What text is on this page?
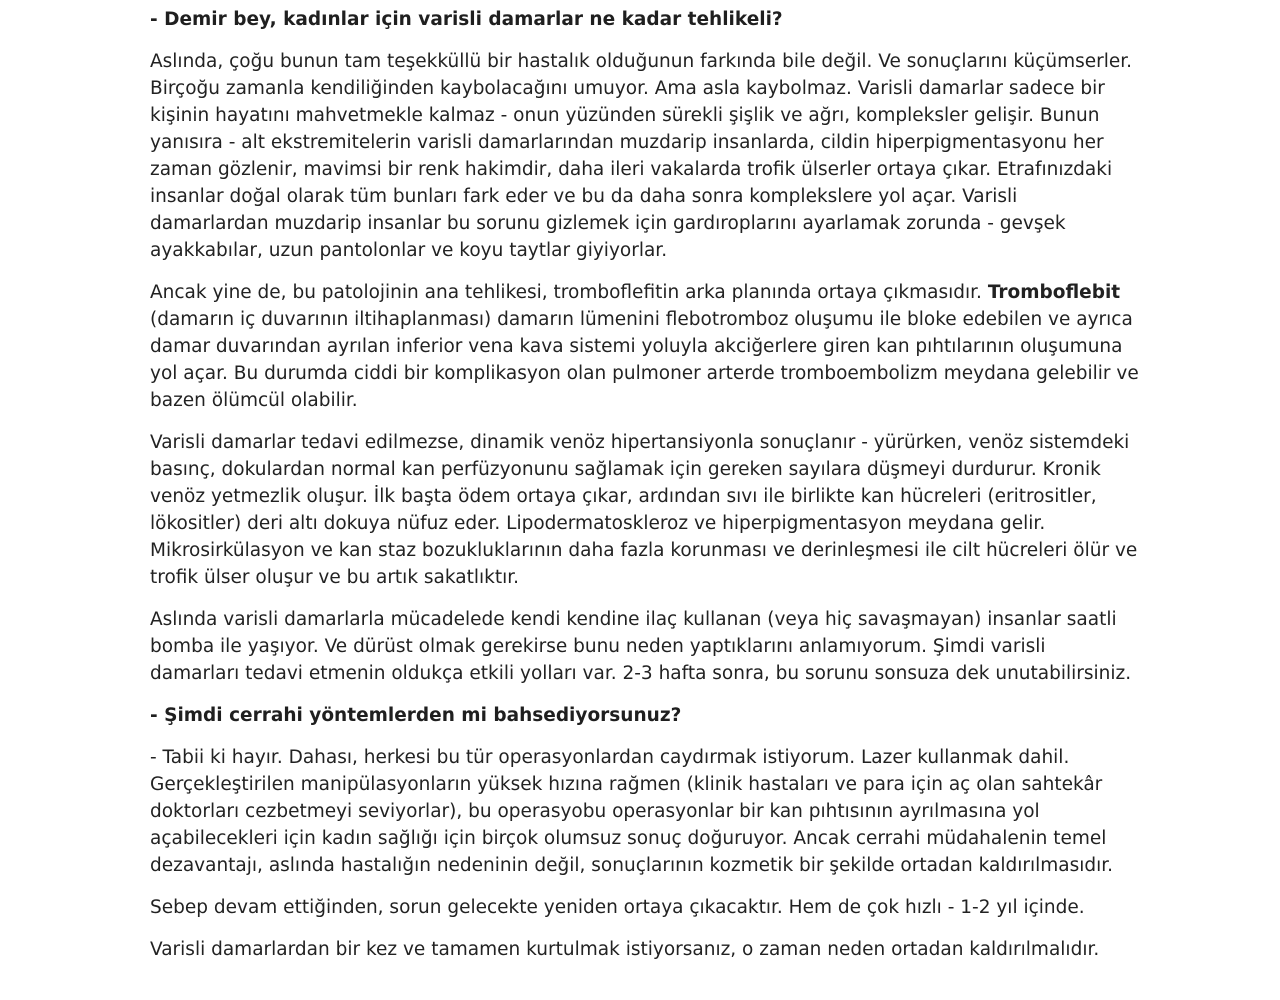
- Demir bey, kadınlar için varisli damarlar ne kadar tehlikeli?

Aslında, çoğu bunun tam teşekküllü bir hastalık olduğunun farkında bile değil. Ve sonuçlarını küçümserler. Birçoğu zamanla kendiliğinden kaybolacağını umuyor. Ama asla kaybolmaz. Varisli damarlar sadece bir kişinin hayatını mahvetmekle kalmaz - onun yüzünden sürekli şişlik ve ağrı, kompleksler gelişir. Bunun yanısıra - alt ekstremitelerin varisli damarlarından muzdarip insanlarda, cildin hiperpigmentasyonu her zaman gözlenir, mavimsi bir renk hakimdir, daha ileri vakalarda trofik ülserler ortaya çıkar. Etrafınızdaki insanlar doğal olarak tüm bunları fark eder ve bu da daha sonra komplekslere yol açar. Varisli damarlardan muzdarip insanlar bu sorunu gizlemek için gardıroplarını ayarlamak zorunda - gevşek ayakkabılar, uzun pantolonlar ve koyu taytlar giyiyorlar.

Ancak yine de, bu patolojinin ana tehlikesi, tromboflefitin arka planında ortaya çıkmasıdır. Tromboflebit (damarın iç duvarının iltihaplanması) damarın lümenini flebotromboz oluşumu ile bloke edebilen ve ayrıca damar duvarından ayrılan inferior vena kava sistemi yoluyla akciğerlere giren kan pıhtılarının oluşumuna yol açar. Bu durumda ciddi bir komplikasyon olan pulmoner arterde tromboembolizm meydana gelebilir ve bazen ölümcül olabilir.

Varisli damarlar tedavi edilmezse, dinamik venöz hipertansiyonla sonuçlanır - yürürken, venöz sistemdeki basınç, dokulardan normal kan perfüzyonunu sağlamak için gereken sayılara düşmeyi durdurur. Kronik venöz yetmezlik oluşur. İlk başta ödem ortaya çıkar, ardından sıvı ile birlikte kan hücreleri (eritrositler, lökositler) deri altı dokuya nüfuz eder. Lipodermatoskleroz ve hiperpigmentasyon meydana gelir. Mikrosirkülasyon ve kan staz bozukluklarının daha fazla korunması ve derinleşmesi ile cilt hücreleri ölür ve trofik ülser oluşur ve bu artık sakatlıktır.

Aslında varisli damarlarla mücadelede kendi kendine ilaç kullanan (veya hiç savaşmayan) insanlar saatli bomba ile yaşıyor. Ve dürüst olmak gerekirse bunu neden yaptıklarını anlamıyorum. Şimdi varisli damarları tedavi etmenin oldukça etkili yolları var. 2-3 hafta sonra, bu sorunu sonsuza dek unutabilirsiniz.

- Şimdi cerrahi yöntemlerden mi bahsediyorsunuz?

- Tabii ki hayır. Dahası, herkesi bu tür operasyonlardan caydırmak istiyorum. Lazer kullanmak dahil. Gerçekleştirilen manipülasyonların yüksek hızına rağmen (klinik hastaları ve para için aç olan sahtekâr doktorları cezbetmeyi seviyorlar), bu operasyobu operasyonlar bir kan pıhtısının ayrılmasına yol açabilecekleri için kadın sağlığı için birçok olumsuz sonuç doğuruyor. Ancak cerrahi müdahalenin temel dezavantajı, aslında hastalığın nedeninin değil, sonuçlarının kozmetik bir şekilde ortadan kaldırılmasıdır.

Sebep devam ettiğinden, sorun gelecekte yeniden ortaya çıkacaktır. Hem de çok hızlı - 1-2 yıl içinde.

Varisli damarlardan bir kez ve tamamen kurtulmak istiyorsanız, o zaman neden ortadan kaldırılmalıdır.
